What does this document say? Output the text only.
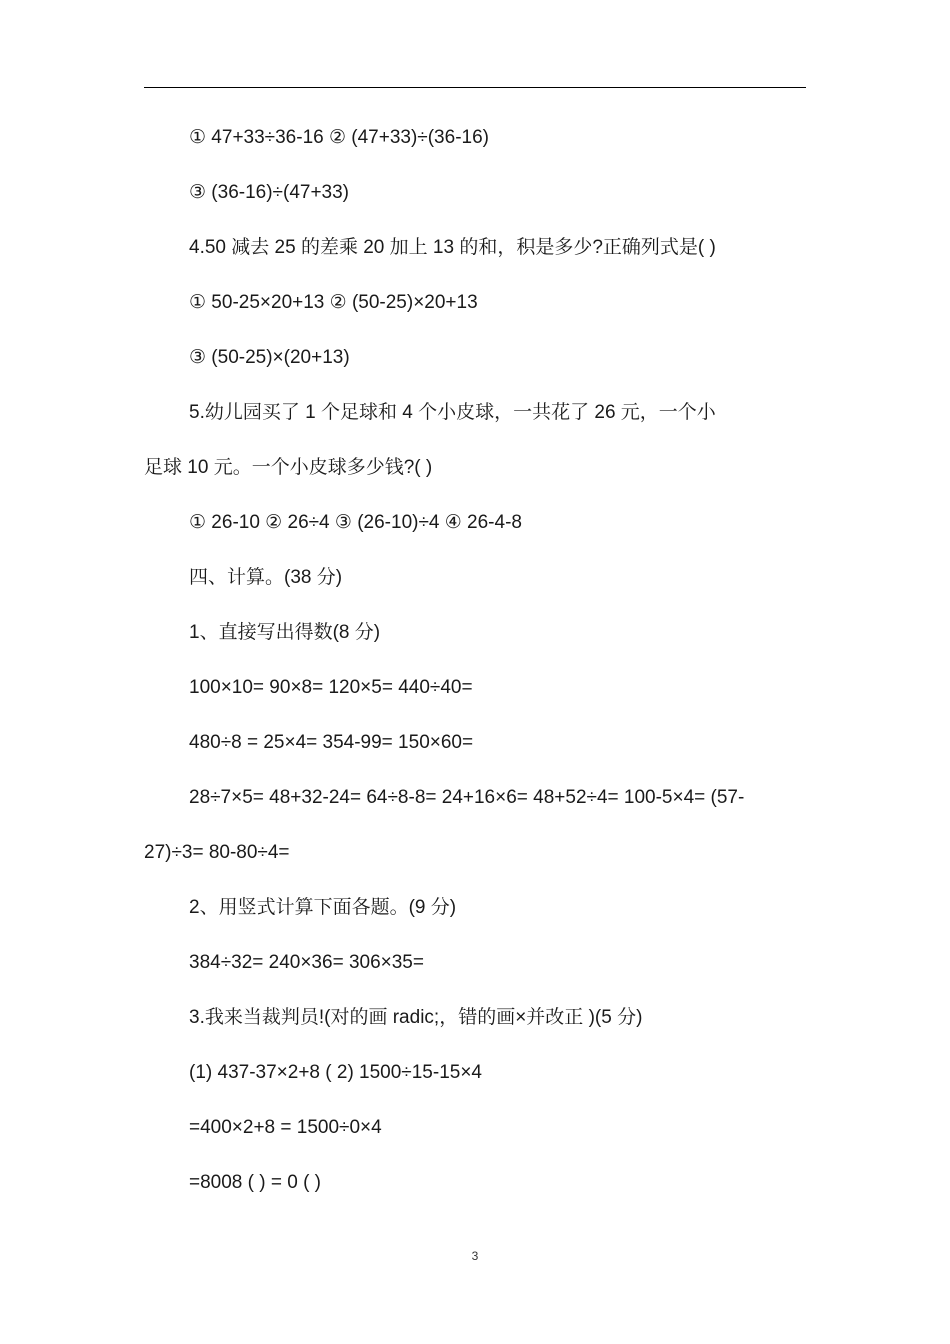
① 47+33÷36-16 ② (47+33)÷(36-16)
③ (36-16)÷(47+33)
4.50 减去 25 的差乘 20 加上 13 的和，积是多少?正确列式是( )
① 50-25×20+13 ② (50-25)×20+13
③ (50-25)×(20+13)
5.幼儿园买了 1 个足球和 4 个小皮球，一共花了 26 元，一个小
足球 10 元。一个小皮球多少钱?( )
① 26-10 ② 26÷4 ③ (26-10)÷4 ④ 26-4-8
四、计算。(38 分)
1、直接写出得数(8 分)
100×10= 90×8= 120×5= 440÷40=
480÷8 = 25×4= 354-99= 150×60=
28÷7×5= 48+32-24= 64÷8-8= 24+16×6= 48+52÷4= 100-5×4= (57-
27)÷3= 80-80÷4=
2、用竖式计算下面各题。(9 分)
384÷32= 240×36= 306×35=
3.我来当裁判员!(对的画 radic;，错的画×并改正 )(5 分)
(1) 437-37×2+8 ( 2) 1500÷15-15×4
=400×2+8 = 1500÷0×4
=8008 ( ) = 0 ( )
3
